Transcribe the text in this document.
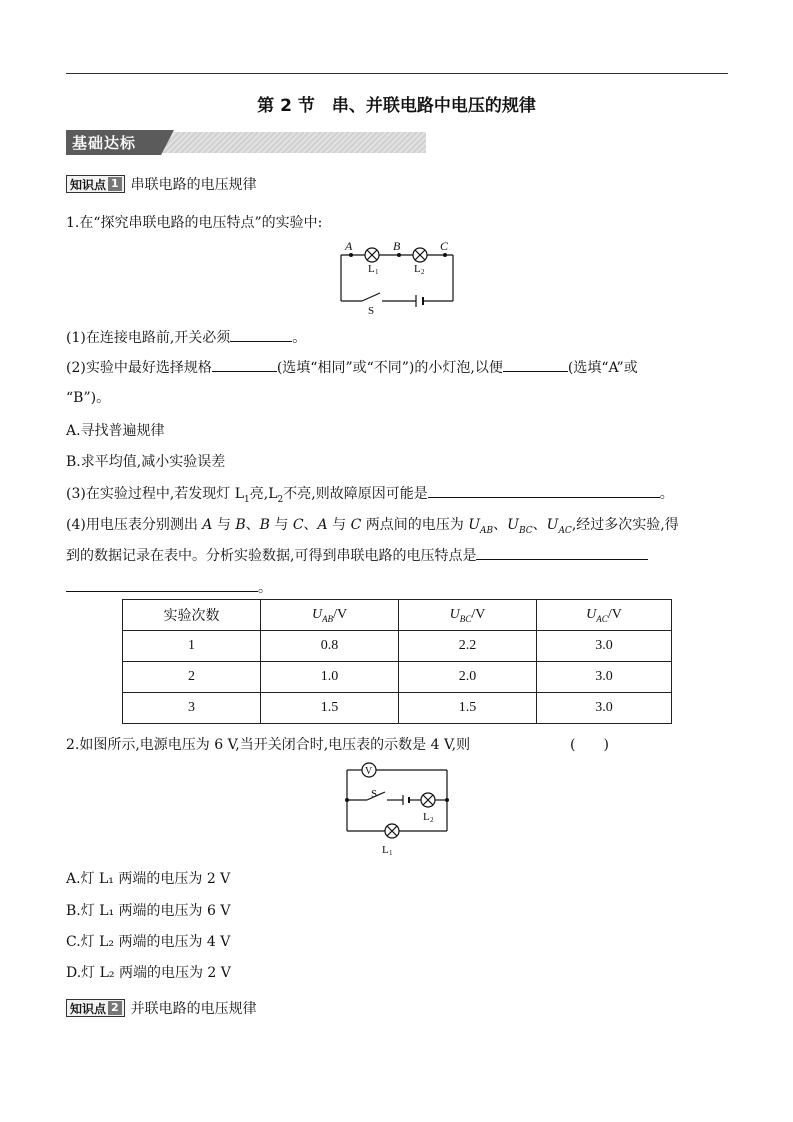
第 2 节　串、并联电路中电压的规律
基础达标
知识点 1 串联电路的电压规律
1.在“探究串联电路的电压特点”的实验中:
A	B	C
L 1	L 2
S
(1)在连接电路前,开关必须	。
(2)实验中最好选择规格	(选填“相同”或“不同”)的小灯泡,以便	(选填“A”或
“B”)。
A.寻找普遍规律
B.求平均值,减小实验误差
(3)在实验过程中,若发现灯 $L_1$亮$,L_2$不亮,则故障原因可能是	。
(4)用电压表分别测出 A 与 B、B 与 C、A 与 C 两点间的电压为 $U_{AB}$、$U_{BC}$、$U_{AC}$,经过多次实验,得
到的数据记录在表中。分析实验数据,可得到串联电路的电压特点是
。
实验次数	$U_{AB}/V$	$U_{BC}/V$	$U_{AC}/V$
1	0.8	2.2	3.0
2	1.0	2.0	3.0
3	1.5	1.5	3.0
2.如图所示,电源电压为 6 V,当开关闭合时,电压表的示数是 4 V,则	(　　)
V
S
L 2
L 1
A.灯 L₁ 两端的电压为 2 V
B.灯 L₁ 两端的电压为 6 V
C.灯 L₂ 两端的电压为 4 V
D.灯 L₂ 两端的电压为 2 V
知识点 2 并联电路的电压规律
